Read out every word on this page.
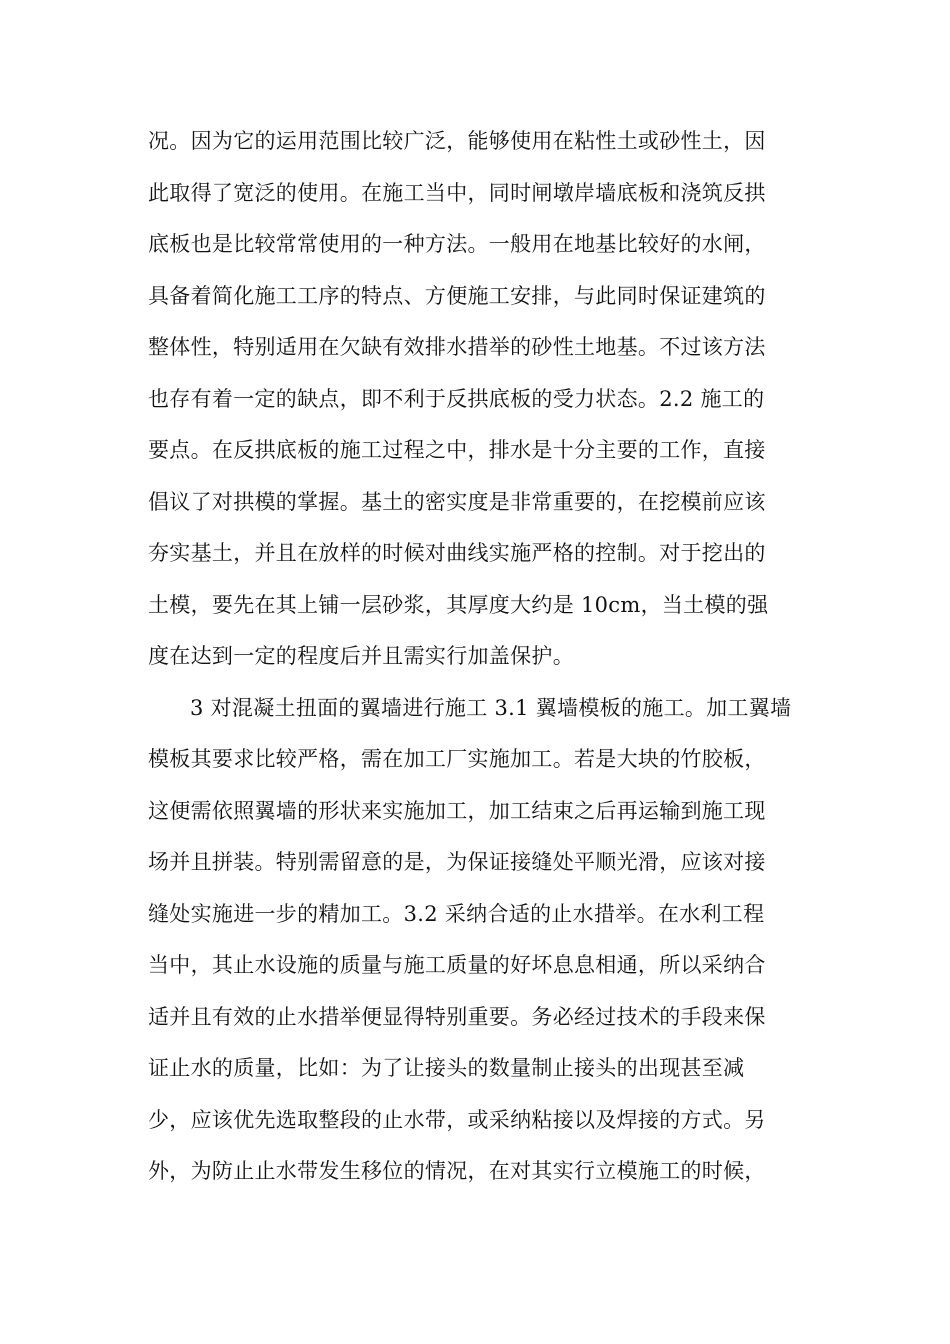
况。因为它的运用范围比较广泛，能够使用在粘性土或砂性土，因
此取得了宽泛的使用。在施工当中，同时闸墩岸墙底板和浇筑反拱
底板也是比较常常使用的一种方法。一般用在地基比较好的水闸，
具备着简化施工工序的特点、方便施工安排，与此同时保证建筑的
整体性，特别适用在欠缺有效排水措举的砂性土地基。不过该方法
也存有着一定的缺点，即不利于反拱底板的受力状态。2.2 施工的
要点。在反拱底板的施工过程之中，排水是十分主要的工作，直接
倡议了对拱模的掌握。基土的密实度是非常重要的，在挖模前应该
夯实基土，并且在放样的时候对曲线实施严格的控制。对于挖出的
土模，要先在其上铺一层砂浆，其厚度大约是 10cm，当土模的强
度在达到一定的程度后并且需实行加盖保护。
3 对混凝土扭面的翼墙进行施工 3.1 翼墙模板的施工。加工翼墙
模板其要求比较严格，需在加工厂实施加工。若是大块的竹胶板，
这便需依照翼墙的形状来实施加工，加工结束之后再运输到施工现
场并且拼装。特别需留意的是，为保证接缝处平顺光滑，应该对接
缝处实施进一步的精加工。3.2 采纳合适的止水措举。在水利工程
当中，其止水设施的质量与施工质量的好坏息息相通，所以采纳合
适并且有效的止水措举便显得特别重要。务必经过技术的手段来保
证止水的质量，比如：为了让接头的数量制止接头的出现甚至减
少，应该优先选取整段的止水带，或采纳粘接以及焊接的方式。另
外，为防止止水带发生移位的情况，在对其实行立模施工的时候，
